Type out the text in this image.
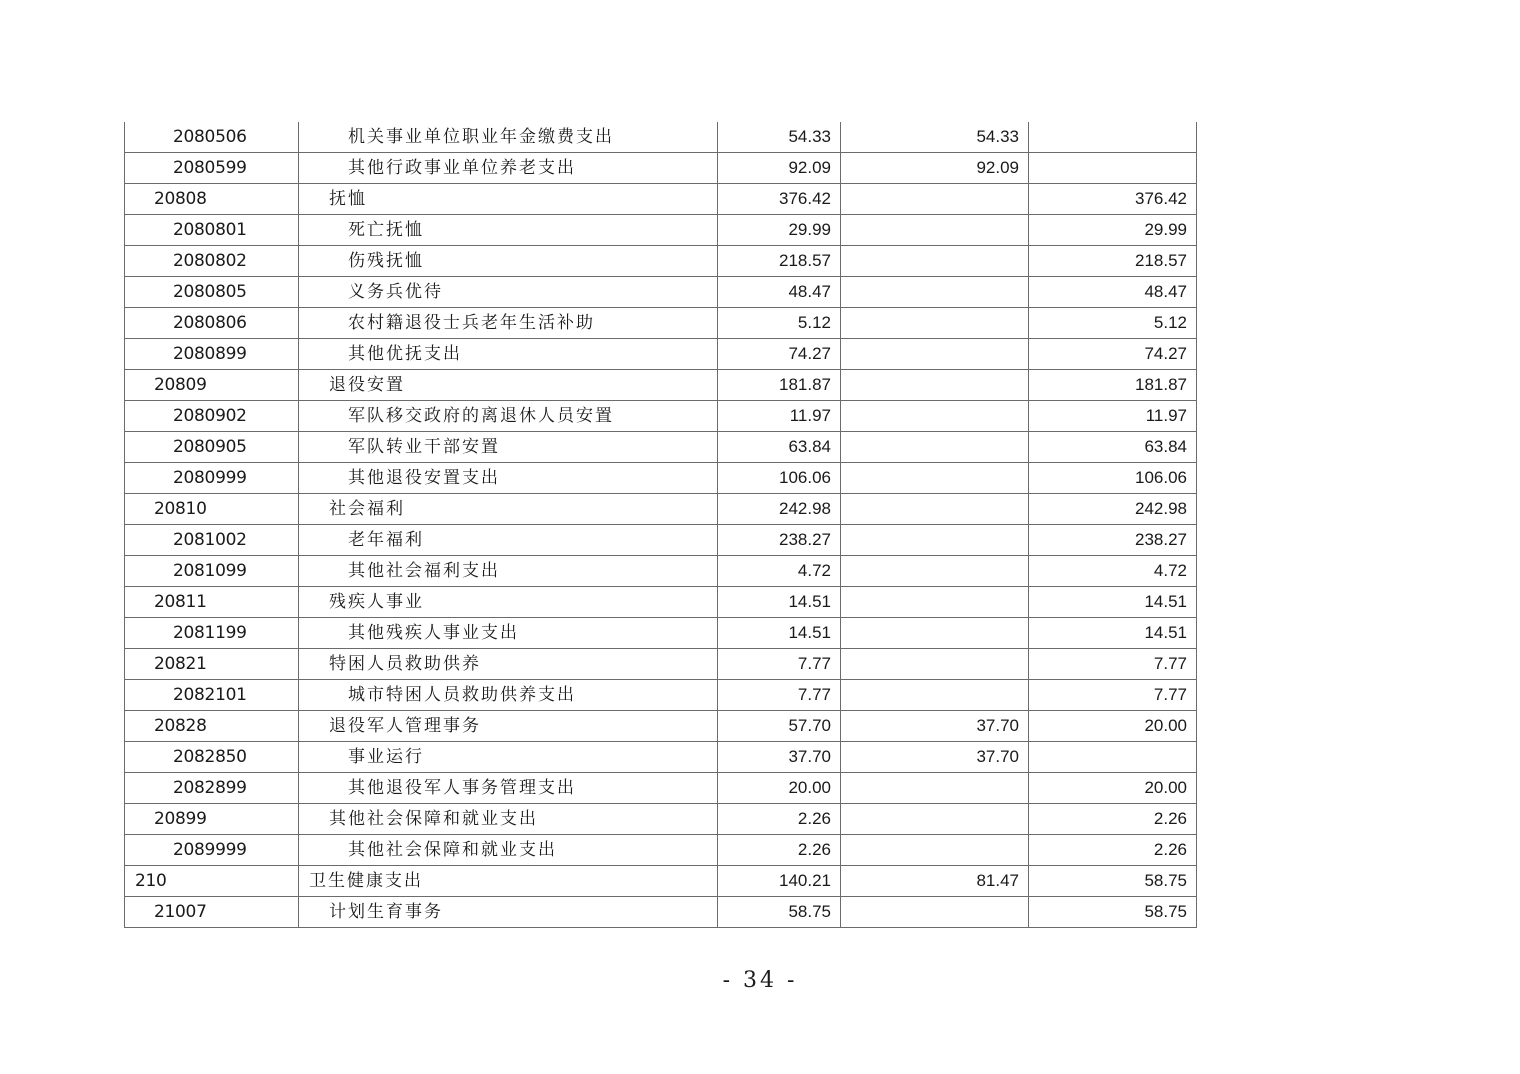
2080506	机关事业单位职业年金缴费支出	54.33	54.33	
2080599	其他行政事业单位养老支出	92.09	92.09	
20808	抚恤	376.42		376.42
2080801	死亡抚恤	29.99		29.99
2080802	伤残抚恤	218.57		218.57
2080805	义务兵优待	48.47		48.47
2080806	农村籍退役士兵老年生活补助	5.12		5.12
2080899	其他优抚支出	74.27		74.27
20809	退役安置	181.87		181.87
2080902	军队移交政府的离退休人员安置	11.97		11.97
2080905	军队转业干部安置	63.84		63.84
2080999	其他退役安置支出	106.06		106.06
20810	社会福利	242.98		242.98
2081002	老年福利	238.27		238.27
2081099	其他社会福利支出	4.72		4.72
20811	残疾人事业	14.51		14.51
2081199	其他残疾人事业支出	14.51		14.51
20821	特困人员救助供养	7.77		7.77
2082101	城市特困人员救助供养支出	7.77		7.77
20828	退役军人管理事务	57.70	37.70	20.00
2082850	事业运行	37.70	37.70	
2082899	其他退役军人事务管理支出	20.00		20.00
20899	其他社会保障和就业支出	2.26		2.26
2089999	其他社会保障和就业支出	2.26		2.26
210	卫生健康支出	140.21	81.47	58.75
21007	计划生育事务	58.75		58.75
- 34 -
